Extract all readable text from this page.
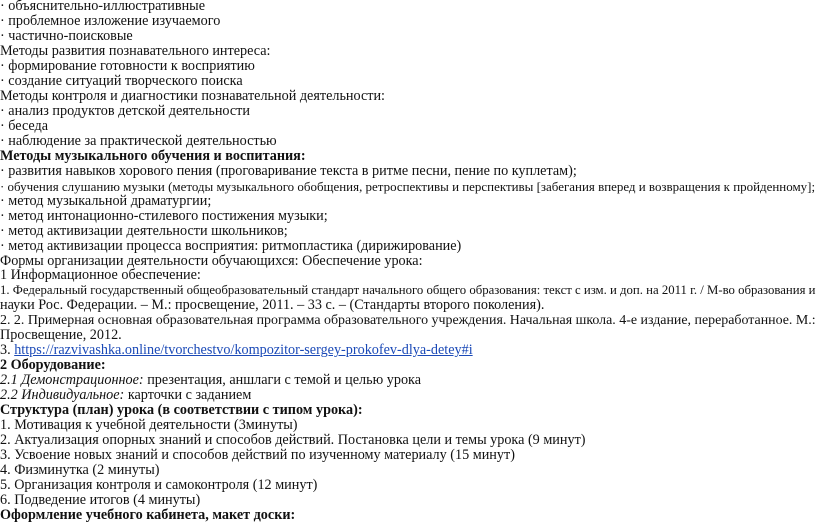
· объяснительно-иллюстративные
· проблемное изложение изучаемого
· частично-поисковые
Методы развития познавательного интереса:
· формирование готовности к восприятию
· создание ситуаций творческого поиска
Методы контроля и диагностики познавательной деятельности:
· анализ продуктов детской деятельности
· беседа
· наблюдение за практической деятельностью
Методы музыкального обучения и воспитания:
· развития навыков хорового пения (проговаривание текста в ритме песни, пение по куплетам);
· обучения слушанию музыки (методы музыкального обобщения, ретроспективы и перспективы [забегания вперед и возвращения к пройденному];
· метод музыкальной драматургии;
· метод интонационно-стилевого постижения музыки;
· метод активизации деятельности школьников;
· метод активизации процесса восприятия: ритмопластика (дирижирование)
Формы организации деятельности обучающихся: Обеспечение урока:
1 Информационное обеспечение:
1. Федеральный государственный общеобразовательный стандарт начального общего образования: текст с изм. и доп. на 2011 г. / М-во образования и
науки Рос. Федерации. – М.: просвещение, 2011. – 33 с. – (Стандарты второго поколения).
2. 2. Примерная основная образовательная программа образовательного учреждения. Начальная школа. 4-е издание, переработанное. М.:
Просвещение, 2012.
3. https://razvivashka.online/tvorchestvo/kompozitor-sergey-prokofev-dlya-detey#i
2 Оборудование:
2.1 Демонстрационное: презентация, аншлаги с темой и целью урока
2.2 Индивидуальное: карточки с заданием
Структура (план) урока (в соответствии с типом урока):
1. Мотивация к учебной деятельности (3минуты)
2. Актуализация опорных знаний и способов действий. Постановка цели и темы урока (9 минут)
3. Усвоение новых знаний и способов действий по изученному материалу (15 минут)
4. Физминутка (2 минуты)
5. Организация контроля и самоконтроля (12 минут)
6. Подведение итогов (4 минуты)
Оформление учебного кабинета, макет доски:
